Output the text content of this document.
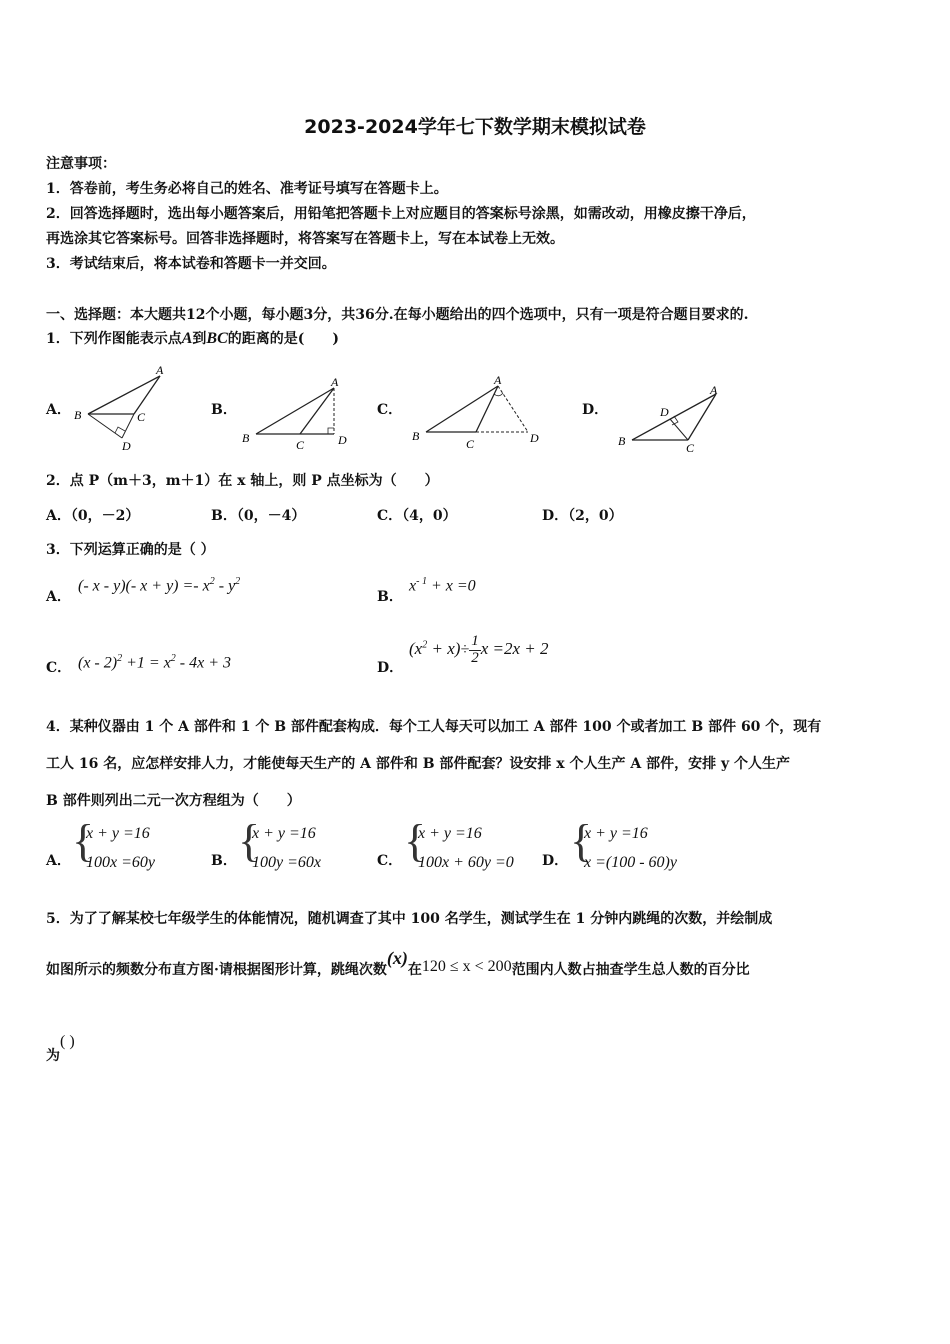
2023-2024学年七下数学期末模拟试卷
注意事项：
1．答卷前，考生务必将自己的姓名、准考证号填写在答题卡上。
2．回答选择题时，选出每小题答案后，用铅笔把答题卡上对应题目的答案标号涂黑，如需改动，用橡皮擦干净后，
再选涂其它答案标号。回答非选择题时，将答案写在答题卡上，写在本试卷上无效。
3．考试结束后，将本试卷和答题卡一并交回。
一、选择题：本大题共12个小题，每小题3分，共36分.在每小题给出的四个选项中，只有一项是符合题目要求的.
1．下列作图能表示点A到BC的距离的是(　　)
A．
A
B	C
D
B．
A
B	C	D
C．
A
B
C	D
D．
A
B	C
D
2．点 P（m＋3，m＋1）在 x 轴上，则 P 点坐标为（　　）
A．（0，－2）	B．（0，－4）	C．（4，0）	D．（2，0）
3．下列运算正确的是（ ）
A．
(- x - y)(- $x + y) =- x^2 - y^2$
B．
$x^{- 1} + x =0$
C． $(x - 2)^2 +1 = x^2 - 4x + 3$	D．
$(x^2 + x)\div \frac{1}{2}$ x =2x + 2
4．某种仪器由 1 个 A 部件和 1 个 B 部件配套构成．每个工人每天可以加工 A 部件 100 个或者加工 B 部件 60 个，现有
工人 16 名，应怎样安排人力，才能使每天生产的 A 部件和 B 部件配套？设安排 x 个人生产 A 部件，安排 y 个人生产
B 部件则列出二元一次方程组为（　　）
A． {
x + y =16
100x =60y	B． {
x + y =16
100y =60x	C． {
x + y =16
100x + 60y =0 D． {
x + y =16
x =(100 - 60)y
5．为了了解某校七年级学生的体能情况，随机调查了其中 100 名学生，测试学生在 1 分钟内跳绳的次数，并绘制成
如图所示的频数分布直方图·请根据图形计算，跳绳次数(x)在120 ≤ x < 200范围内人数占抽查学生总人数的百分比
为( )
